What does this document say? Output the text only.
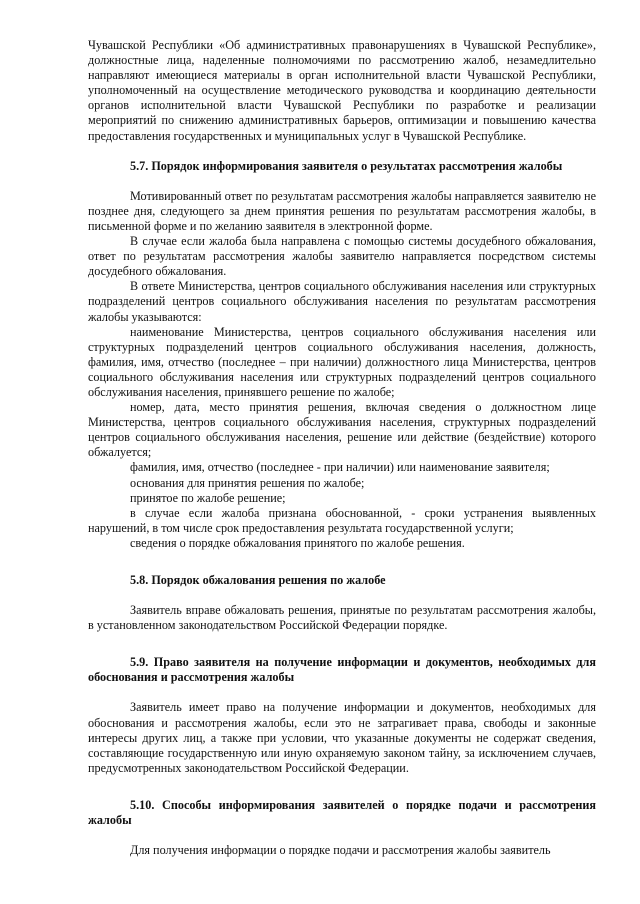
Чувашской Республики «Об административных правонарушениях в Чувашской Республике», должностные лица, наделенные полномочиями по рассмотрению жалоб, незамедлительно направляют имеющиеся материалы в орган исполнительной власти Чувашской Республики, уполномоченный на осуществление методического руководства и координацию деятельности органов исполнительной власти Чувашской Республики по разработке и реализации мероприятий по снижению административных барьеров, оптимизации и повышению качества предоставления государственных и муниципальных услуг в Чувашской Республике.

5.7. Порядок информирования заявителя о результатах рассмотрения жалобы

Мотивированный ответ по результатам рассмотрения жалобы направляется заявителю не позднее дня, следующего за днем принятия решения по результатам рассмотрения жалобы, в письменной форме и по желанию заявителя в электронной форме.

В случае если жалоба была направлена с помощью системы досудебного обжалования, ответ по результатам рассмотрения жалобы заявителю направляется посредством системы досудебного обжалования.

В ответе Министерства, центров социального обслуживания населения или структурных подразделений центров социального обслуживания населения по результатам рассмотрения жалобы указываются:

наименование Министерства, центров социального обслуживания населения или структурных подразделений центров социального обслуживания населения, должность, фамилия, имя, отчество (последнее – при наличии) должностного лица Министерства, центров социального обслуживания населения или структурных подразделений центров социального обслуживания населения, принявшего решение по жалобе;

номер, дата, место принятия решения, включая сведения о должностном лице Министерства, центров социального обслуживания населения, структурных подразделений центров социального обслуживания населения, решение или действие (бездействие) которого обжалуется;

фамилия, имя, отчество (последнее - при наличии) или наименование заявителя;

основания для принятия решения по жалобе;

принятое по жалобе решение;

в случае если жалоба признана обоснованной, - сроки устранения выявленных нарушений, в том числе срок предоставления результата государственной услуги;

сведения о порядке обжалования принятого по жалобе решения.

5.8. Порядок обжалования решения по жалобе

Заявитель вправе обжаловать решения, принятые по результатам рассмотрения жалобы, в установленном законодательством Российской Федерации порядке.

5.9. Право заявителя на получение информации и документов, необходимых для обоснования и рассмотрения жалобы

Заявитель имеет право на получение информации и документов, необходимых для обоснования и рассмотрения жалобы, если это не затрагивает права, свободы и законные интересы других лиц, а также при условии, что указанные документы не содержат сведения, составляющие государственную или иную охраняемую законом тайну, за исключением случаев, предусмотренных законодательством Российской Федерации.

5.10. Способы информирования заявителей о порядке подачи и рассмотрения жалобы

Для получения информации о порядке подачи и рассмотрения жалобы заявитель
